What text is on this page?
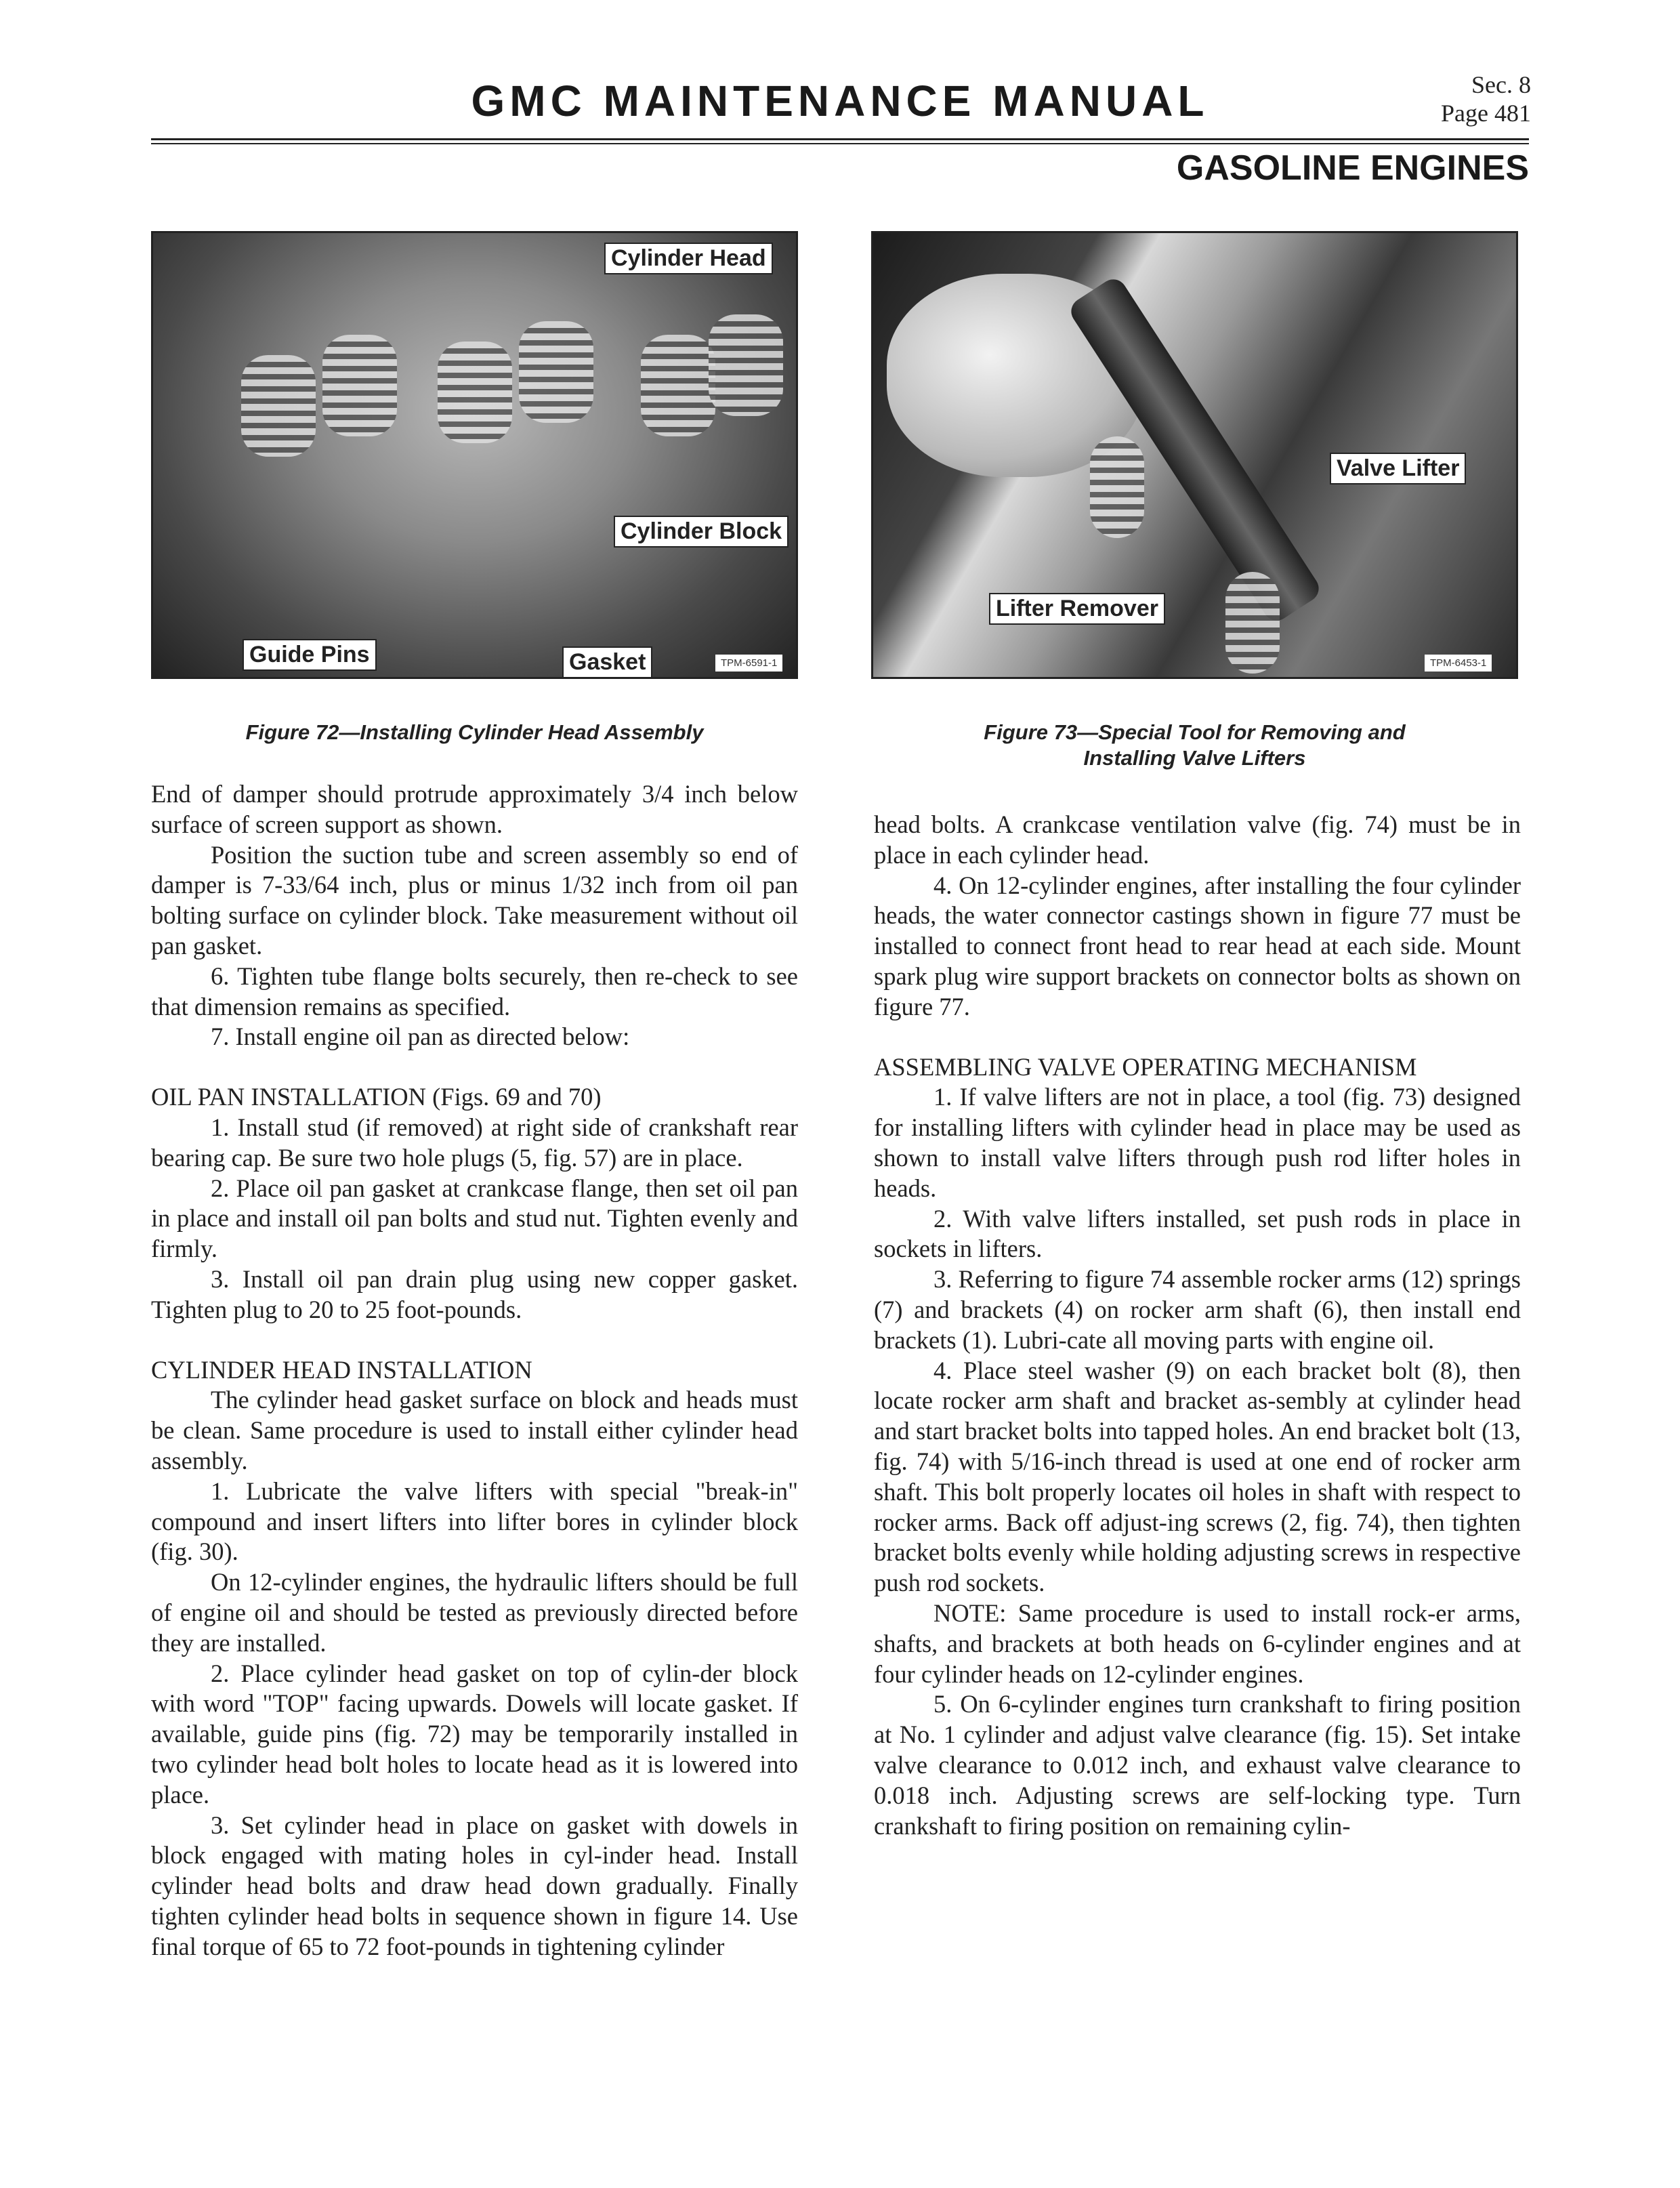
GMC MAINTENANCE MANUAL	Sec. 8
Page 481
GASOLINE ENGINES
Cylinder Head
Cylinder Block
Guide Pins	Gasket	TPM-6591-1
Figure 72—Installing Cylinder Head Assembly
Valve Lifter
Lifter Remover
TPM-6453-1
Figure 73—Special Tool for Removing and
Installing Valve Lifters

End of damper should protrude approximately 3/4 inch below surface of screen support as shown.

Position the suction tube and screen assembly so end of damper is 7-33/64 inch, plus or minus 1/32 inch from oil pan bolting surface on cylinder block. Take measurement without oil pan gasket.

6. Tighten tube flange bolts securely, then re-check to see that dimension remains as specified.

7. Install engine oil pan as directed below:

OIL PAN INSTALLATION (Figs. 69 and 70)

1. Install stud (if removed) at right side of crankshaft rear bearing cap. Be sure two hole plugs (5, fig. 57) are in place.

2. Place oil pan gasket at crankcase flange, then set oil pan in place and install oil pan bolts and stud nut. Tighten evenly and firmly.

3. Install oil pan drain plug using new copper gasket. Tighten plug to 20 to 25 foot-pounds.

CYLINDER HEAD INSTALLATION

The cylinder head gasket surface on block and heads must be clean. Same procedure is used to install either cylinder head assembly.

1. Lubricate the valve lifters with special "break-in" compound and insert lifters into lifter bores in cylinder block (fig. 30).

On 12-cylinder engines, the hydraulic lifters should be full of engine oil and should be tested as previously directed before they are installed.

2. Place cylinder head gasket on top of cylin-der block with word "TOP" facing upwards. Dowels will locate gasket. If available, guide pins (fig. 72) may be temporarily installed in two cylinder head bolt holes to locate head as it is lowered into place.

3. Set cylinder head in place on gasket with dowels in block engaged with mating holes in cyl-inder head. Install cylinder head bolts and draw head down gradually. Finally tighten cylinder head bolts in sequence shown in figure 14. Use final torque of 65 to 72 foot-pounds in tightening cylinder

head bolts. A crankcase ventilation valve (fig. 74) must be in place in each cylinder head.

4. On 12-cylinder engines, after installing the four cylinder heads, the water connector castings shown in figure 77 must be installed to connect front head to rear head at each side. Mount spark plug wire support brackets on connector bolts as shown on figure 77.

ASSEMBLING VALVE OPERATING MECHANISM

1. If valve lifters are not in place, a tool (fig. 73) designed for installing lifters with cylinder head in place may be used as shown to install valve lifters through push rod lifter holes in heads.

2. With valve lifters installed, set push rods in place in sockets in lifters.

3. Referring to figure 74 assemble rocker arms (12) springs (7) and brackets (4) on rocker arm shaft (6), then install end brackets (1). Lubri-cate all moving parts with engine oil.

4. Place steel washer (9) on each bracket bolt (8), then locate rocker arm shaft and bracket as-sembly at cylinder head and start bracket bolts into tapped holes. An end bracket bolt (13, fig. 74) with 5/16-inch thread is used at one end of rocker arm shaft. This bolt properly locates oil holes in shaft with respect to rocker arms. Back off adjust-ing screws (2, fig. 74), then tighten bracket bolts evenly while holding adjusting screws in respective push rod sockets.

NOTE: Same procedure is used to install rock-er arms, shafts, and brackets at both heads on 6-cylinder engines and at four cylinder heads on 12-cylinder engines.

5. On 6-cylinder engines turn crankshaft to firing position at No. 1 cylinder and adjust valve clearance (fig. 15). Set intake valve clearance to 0.012 inch, and exhaust valve clearance to 0.018 inch. Adjusting screws are self-locking type. Turn crankshaft to firing position on remaining cylin-
